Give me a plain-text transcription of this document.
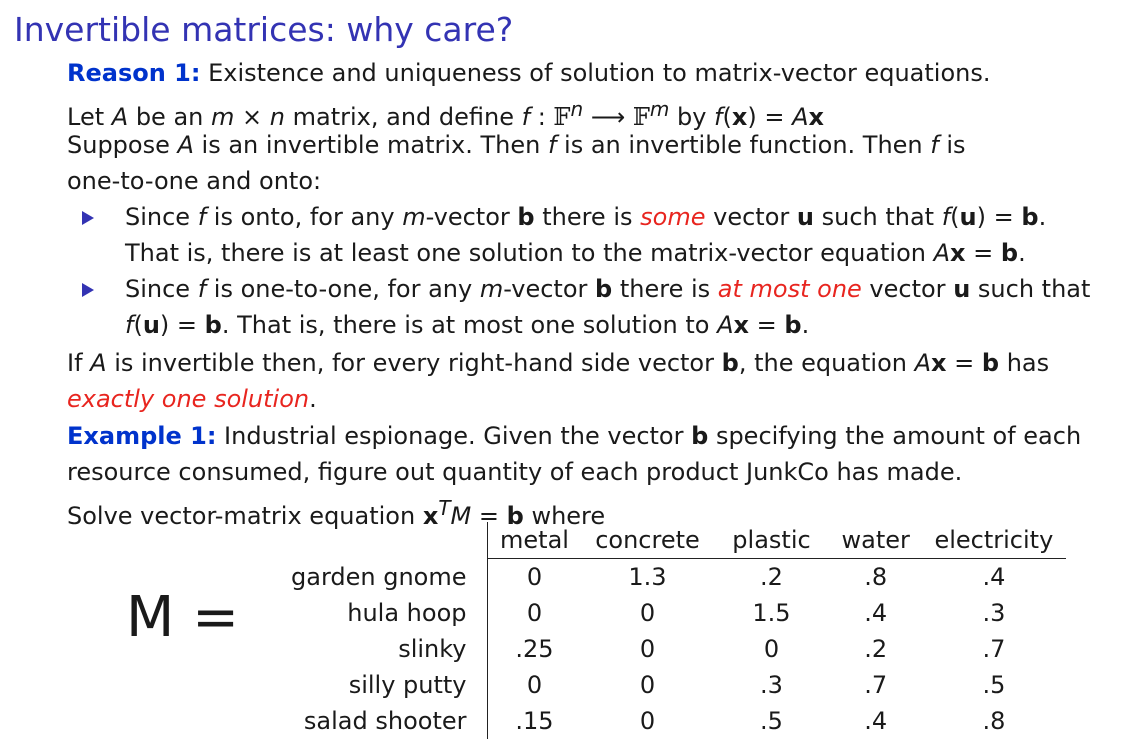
Invertible matrices: why care?
Reason 1: Existence and uniqueness of solution to matrix-vector equations.
Let A be an m × n matrix, and define f : 𝔽$^n$ ⟶ 𝔽$^m$ by f(x) = Ax
Suppose A is an invertible matrix. Then f is an invertible function. Then f is
one-to-one and onto:
Since f is onto, for any m-vector b there is some vector u such that f(u) = b.
That is, there is at least one solution to the matrix-vector equation Ax = b.
Since f is one-to-one, for any m-vector b there is at most one vector u such that
f(u) = b. That is, there is at most one solution to Ax = b.
If A is invertible then, for every right-hand side vector b, the equation Ax = b has
exactly one solution.
Example 1: Industrial espionage. Given the vector b specifying the amount of each
resource consumed, figure out quantity of each product JunkCo has made.
Solve vector-matrix equation $x^TM = b$ where
M =
	metal	concrete	plastic	water	electricity
garden gnome	0	1.3	.2	.8	.4
hula hoop	0	0	1.5	.4	.3
slinky	.25	0	0	.2	.7
silly putty	0	0	.3	.7	.5
salad shooter	.15	0	.5	.4	.8
